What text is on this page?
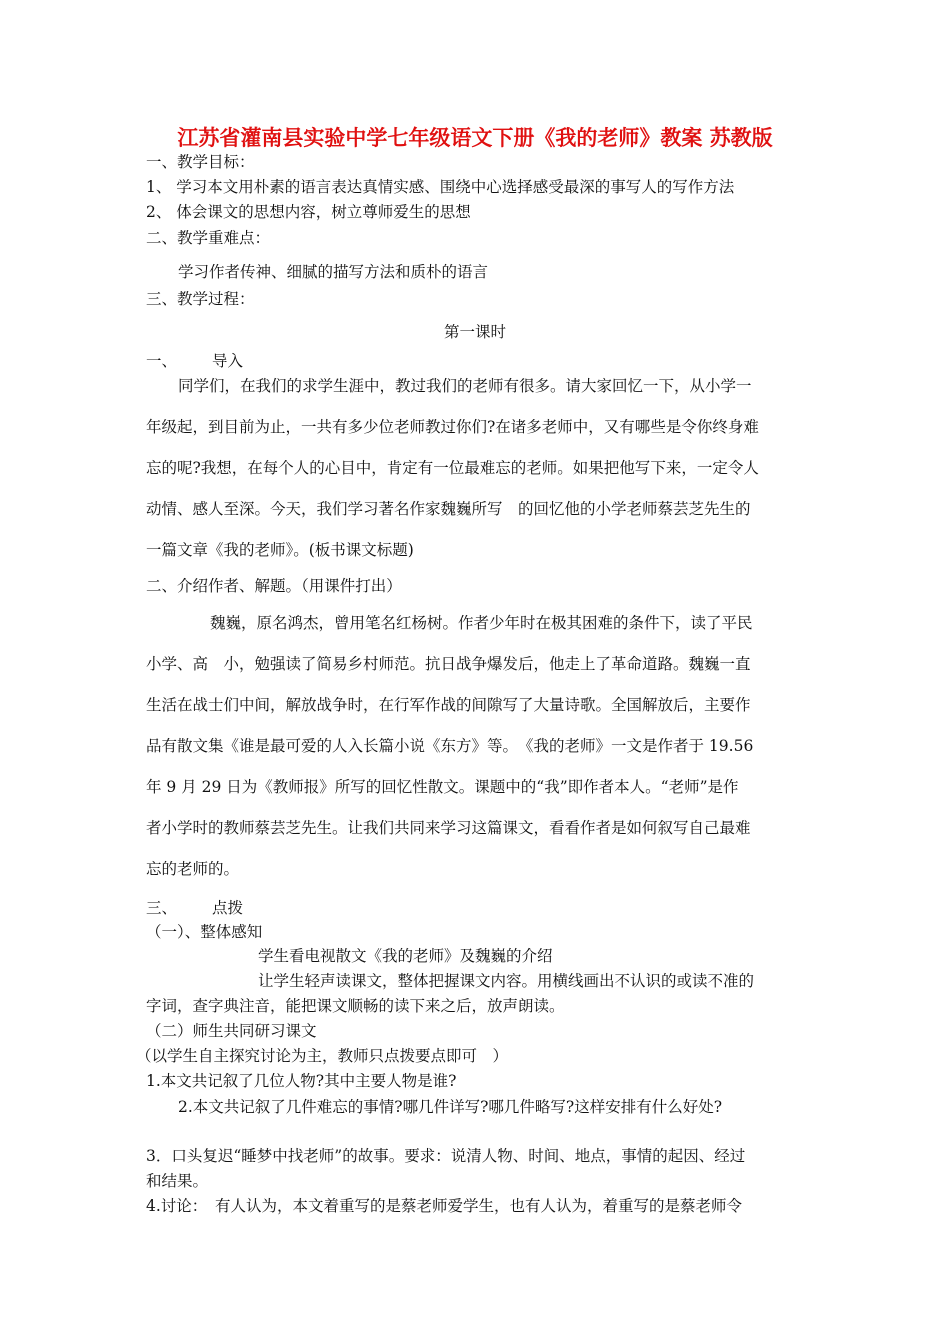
江苏省灌南县实验中学七年级语文下册《我的老师》教案 苏教版
一、教学目标：
1、 学习本文用朴素的语言表达真情实感、围绕中心选择感受最深的事写人的写作方法
2、 体会课文的思想内容，树立尊师爱生的思想
二、教学重难点：
学习作者传神、细腻的描写方法和质朴的语言
三、教学过程：
第一课时
一、 导入
同学们，在我们的求学生涯中，教过我们的老师有很多。请大家回忆一下，从小学一
年级起，到目前为止，一共有多少位老师教过你们?在诸多老师中，又有哪些是令你终身难
忘的呢?我想，在每个人的心目中，肯定有一位最难忘的老师。如果把他写下来，一定令人
动情、感人至深。今天，我们学习著名作家魏巍所写　的回忆他的小学老师蔡芸芝先生的
一篇文章《我的老师》。(板书课文标题)
二、介绍作者、解题。（用课件打出）
魏巍，原名鸿杰，曾用笔名红杨树。作者少年时在极其困难的条件下，读了平民
小学、高　小，勉强读了简易乡村师范。抗日战争爆发后，他走上了革命道路。魏巍一直
生活在战士们中间，解放战争时，在行军作战的间隙写了大量诗歌。全国解放后，主要作
品有散文集《谁是最可爱的人入长篇小说《东方》等。　《我的老师》一文是作者于 19.56
年 9 月 29 日为《教师报》所写的回忆性散文。课题中的“我”即作者本人。“老师”是作
者小学时的教师蔡芸芝先生。让我们共同来学习这篇课文，看看作者是如何叙写自己最难
忘的老师的。
三、 点拨
（一）、整体感知
学生看电视散文《我的老师》及魏巍的介绍
让学生轻声读课文，整体把握课文内容。用横线画出不认识的或读不准的
字词，查字典注音，能把课文顺畅的读下来之后，放声朗读。
（二）师生共同研习课文
（以学生自主探究讨论为主，教师只点拨要点即可　）
1.本文共记叙了几位人物?其中主要人物是谁?
2.本文共记叙了几件难忘的事情?哪几件详写?哪几件略写?这样安排有什么好处?
3．口头复迟“睡梦中找老师”的故事。要求：说清人物、时间、地点，事情的起因、经过
和结果。
4.讨论：　有人认为，本文着重写的是蔡老师爱学生，也有人认为，着重写的是蔡老师令
